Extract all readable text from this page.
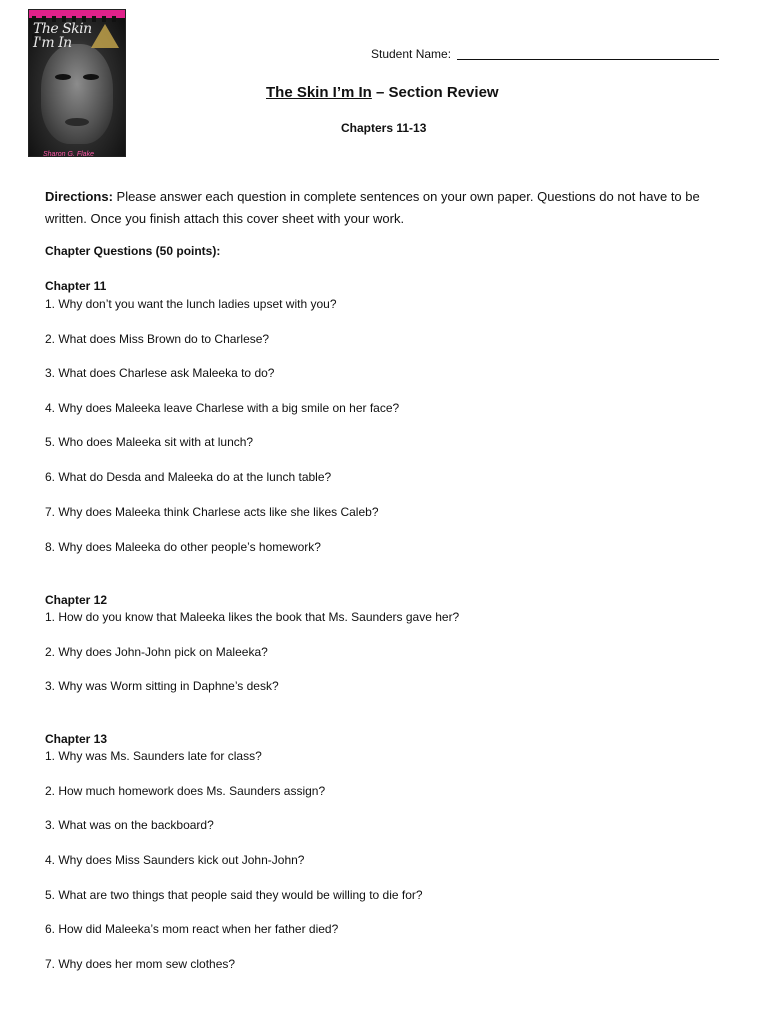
The Skin I'm In
Sharon G. Flake
Student Name:
The Skin I’m In – Section Review
Chapters 11-13
Directions: Please answer each question in complete sentences on your own paper. Questions do not have to be written. Once you finish attach this cover sheet with your work.
Chapter Questions (50 points):
Chapter 11
1. Why don’t you want the lunch ladies upset with you?
2. What does Miss Brown do to Charlese?
3. What does Charlese ask Maleeka to do?
4. Why does Maleeka leave Charlese with a big smile on her face?
5. Who does Maleeka sit with at lunch?
6. What do Desda and Maleeka do at the lunch table?
7. Why does Maleeka think Charlese acts like she likes Caleb?
8. Why does Maleeka do other people’s homework?
Chapter 12
1. How do you know that Maleeka likes the book that Ms. Saunders gave her?
2. Why does John-John pick on Maleeka?
3. Why was Worm sitting in Daphne’s desk?
Chapter 13
1. Why was Ms. Saunders late for class?
2. How much homework does Ms. Saunders assign?
3. What was on the backboard?
4. Why does Miss Saunders kick out John-John?
5. What are two things that people said they would be willing to die for?
6. How did Maleeka’s mom react when her father died?
7. Why does her mom sew clothes?
